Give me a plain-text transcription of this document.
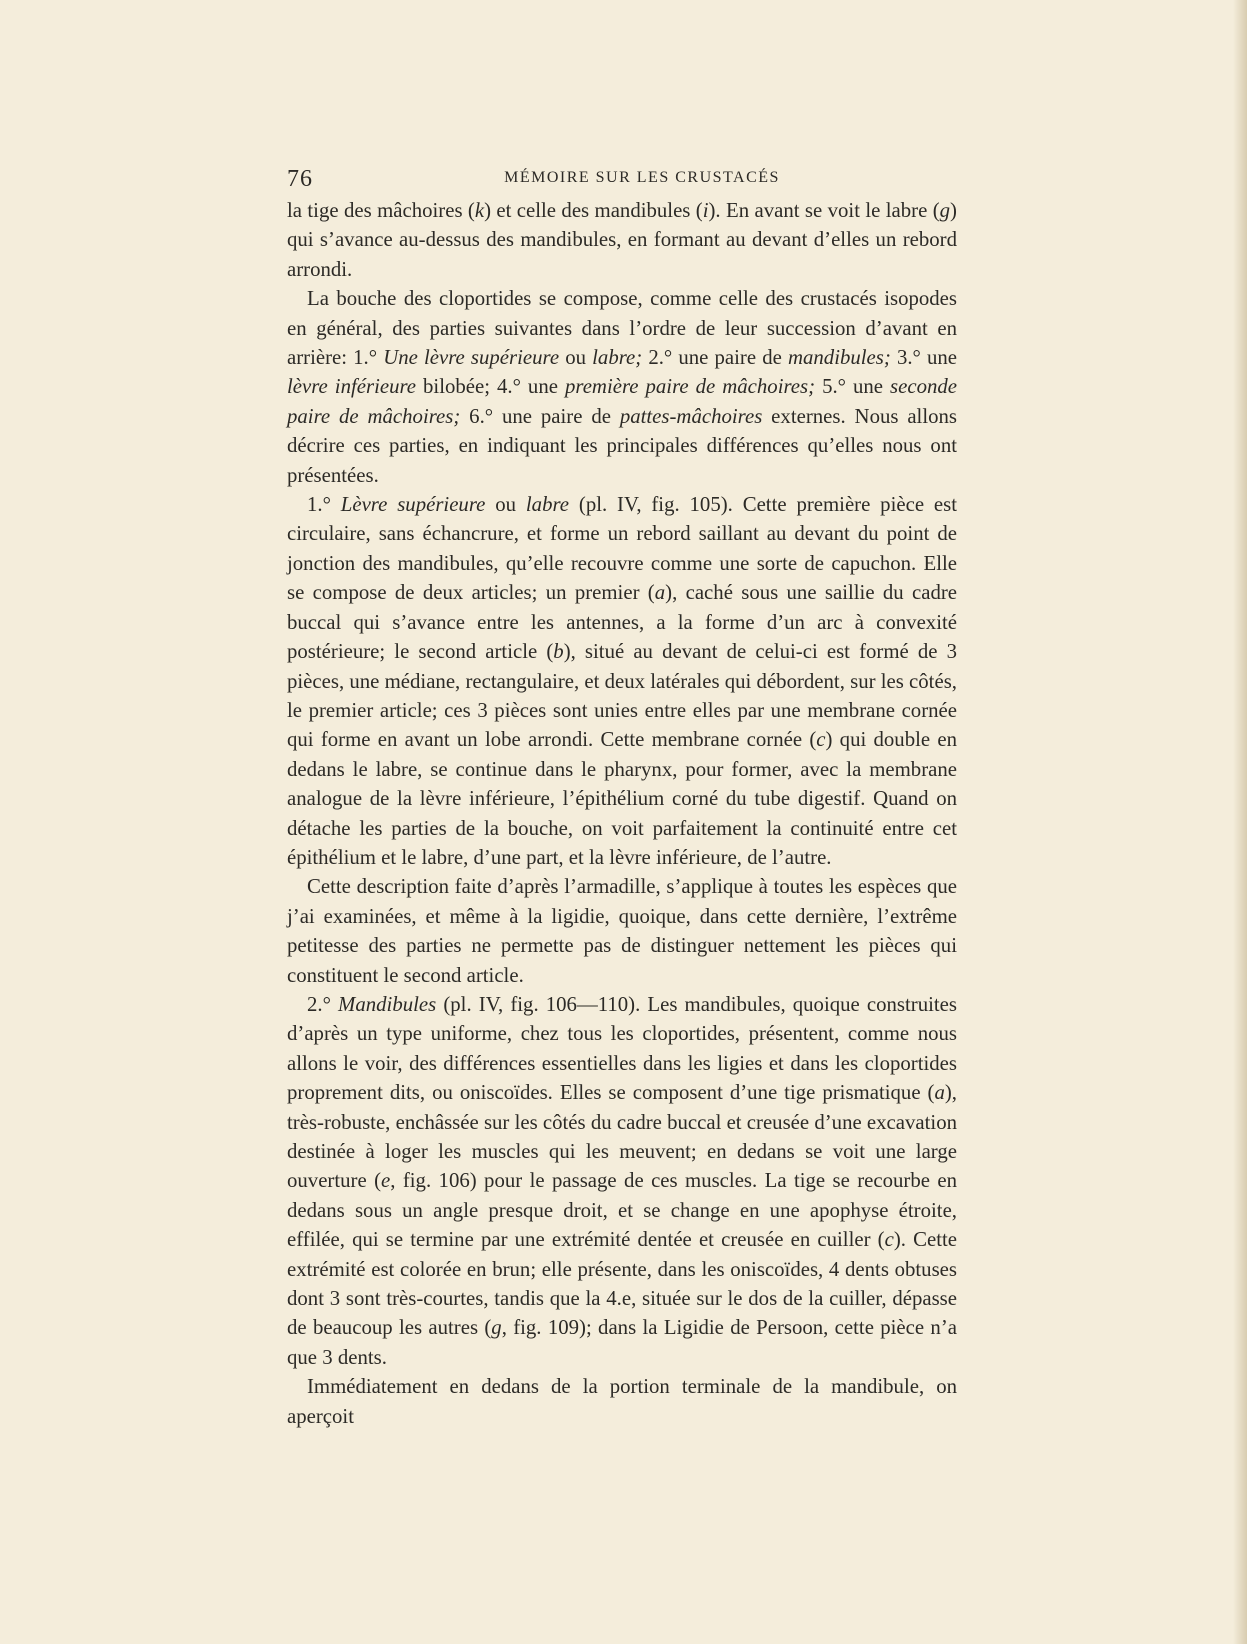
76	MÉMOIRE SUR LES CRUSTACÉS

la tige des mâchoires (k) et celle des mandibules (i). En avant se voit le labre (g) qui s’avance au-dessus des mandibules, en formant au devant d’elles un rebord arrondi.

La bouche des cloportides se compose, comme celle des crustacés isopodes en général, des parties suivantes dans l’ordre de leur succession d’avant en arrière: 1.° Une lèvre supérieure ou labre; 2.° une paire de mandibules; 3.° une lèvre inférieure bilobée; 4.° une première paire de mâchoires; 5.° une seconde paire de mâchoires; 6.° une paire de pattes-mâchoires externes. Nous allons décrire ces parties, en indiquant les principales différences qu’elles nous ont présentées.

1.° Lèvre supérieure ou labre (pl. IV, fig. 105). Cette première pièce est circulaire, sans échancrure, et forme un rebord saillant au devant du point de jonction des mandibules, qu’elle recouvre comme une sorte de capuchon. Elle se compose de deux articles; un premier (a), caché sous une saillie du cadre buccal qui s’avance entre les antennes, a la forme d’un arc à convexité postérieure; le second article (b), situé au devant de celui-ci est formé de 3 pièces, une médiane, rectangulaire, et deux latérales qui débordent, sur les côtés, le premier article; ces 3 pièces sont unies entre elles par une membrane cornée qui forme en avant un lobe arrondi. Cette membrane cornée (c) qui double en dedans le labre, se continue dans le pharynx, pour former, avec la membrane analogue de la lèvre inférieure, l’épithélium corné du tube digestif. Quand on détache les parties de la bouche, on voit parfaitement la continuité entre cet épithélium et le labre, d’une part, et la lèvre inférieure, de l’autre.

Cette description faite d’après l’armadille, s’applique à toutes les espèces que j’ai examinées, et même à la ligidie, quoique, dans cette dernière, l’extrême petitesse des parties ne permette pas de distinguer nettement les pièces qui constituent le second article.

2.° Mandibules (pl. IV, fig. 106—110). Les mandibules, quoique construites d’après un type uniforme, chez tous les cloportides, présentent, comme nous allons le voir, des différences essentielles dans les ligies et dans les cloportides proprement dits, ou oniscoïdes. Elles se composent d’une tige prismatique (a), très-robuste, enchâssée sur les côtés du cadre buccal et creusée d’une excavation destinée à loger les muscles qui les meuvent; en dedans se voit une large ouverture (e, fig. 106) pour le passage de ces muscles. La tige se recourbe en dedans sous un angle presque droit, et se change en une apophyse étroite, effilée, qui se termine par une extrémité dentée et creusée en cuiller (c). Cette extrémité est colorée en brun; elle présente, dans les oniscoïdes, 4 dents obtuses dont 3 sont très-courtes, tandis que la 4.e, située sur le dos de la cuiller, dépasse de beaucoup les autres (g, fig. 109); dans la Ligidie de Persoon, cette pièce n’a que 3 dents.

Immédiatement en dedans de la portion terminale de la mandibule, on aperçoit
